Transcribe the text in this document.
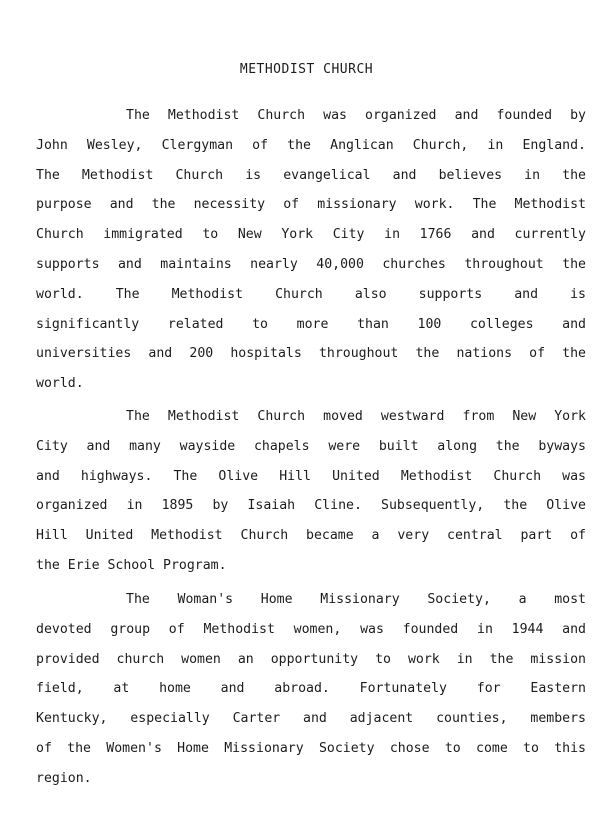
METHODIST CHURCH
The Methodist Church was organized and founded by
John Wesley, Clergyman of the Anglican Church, in England.
The Methodist Church is evangelical and believes in the
purpose and the necessity of missionary work. The Methodist
Church immigrated to New York City in 1766 and currently
supports and maintains nearly 40,000 churches throughout the
world. The Methodist Church also supports and is
significantly related to more than 100 colleges and
universities and 200 hospitals throughout the nations of the
world.
The Methodist Church moved westward from New York
City and many wayside chapels were built along the byways
and highways. The Olive Hill United Methodist Church was
organized in 1895 by Isaiah Cline. Subsequently, the Olive
Hill United Methodist Church became a very central part of
the Erie School Program.
The Woman's Home Missionary Society, a most
devoted group of Methodist women, was founded in 1944 and
provided church women an opportunity to work in the mission
field, at home and abroad. Fortunately for Eastern
Kentucky, especially Carter and adjacent counties, members
of the Women's Home Missionary Society chose to come to this
region.
